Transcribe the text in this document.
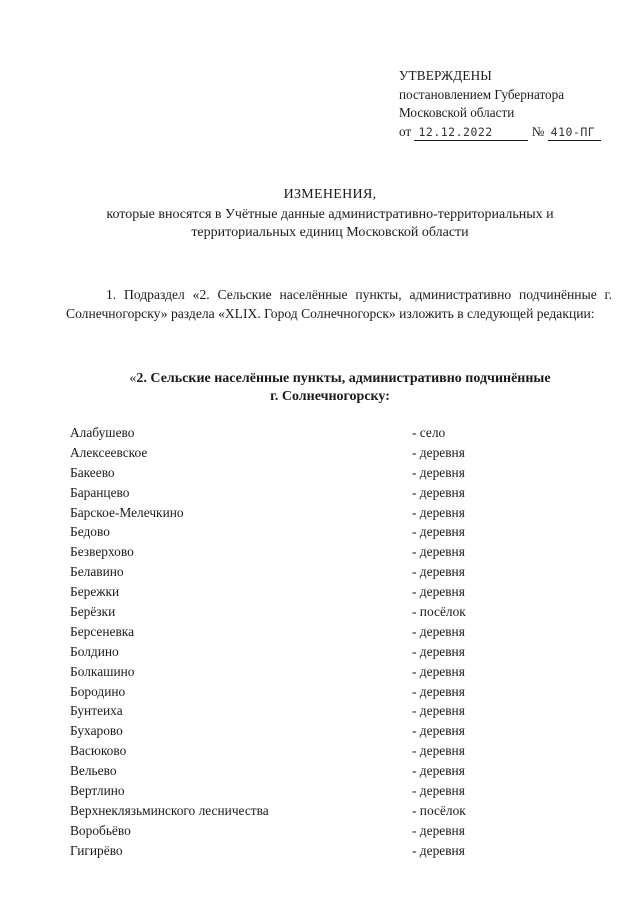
УТВЕРЖДЕНЫ
постановлением Губернатора
Московской области
от 12.12.2022	№ 410-ПГ
ИЗМЕНЕНИЯ,
которые вносятся в Учётные данные административно-территориальных и территориальных единиц Московской области
1. Подраздел «2. Сельские населённые пункты, административно подчинённые г. Солнечногорску» раздела «XLIX. Город Солнечногорск» изложить в следующей редакции:
«2. Сельские населённые пункты, административно подчинённые
г. Солнечногорску:
Алабушево	- село
Алексеевское	- деревня
Бакеево	- деревня
Баранцево	- деревня
Барское-Мелечкино	- деревня
Бедово	- деревня
Безверхово	- деревня
Белавино	- деревня
Бережки	- деревня
Берёзки	- посёлок
Берсеневка	- деревня
Болдино	- деревня
Болкашино	- деревня
Бородино	- деревня
Бунтеиха	- деревня
Бухарово	- деревня
Васюково	- деревня
Вельево	- деревня
Вертлино	- деревня
Верхнеклязьминского лесничества	- посёлок
Воробьёво	- деревня
Гигирёво	- деревня
